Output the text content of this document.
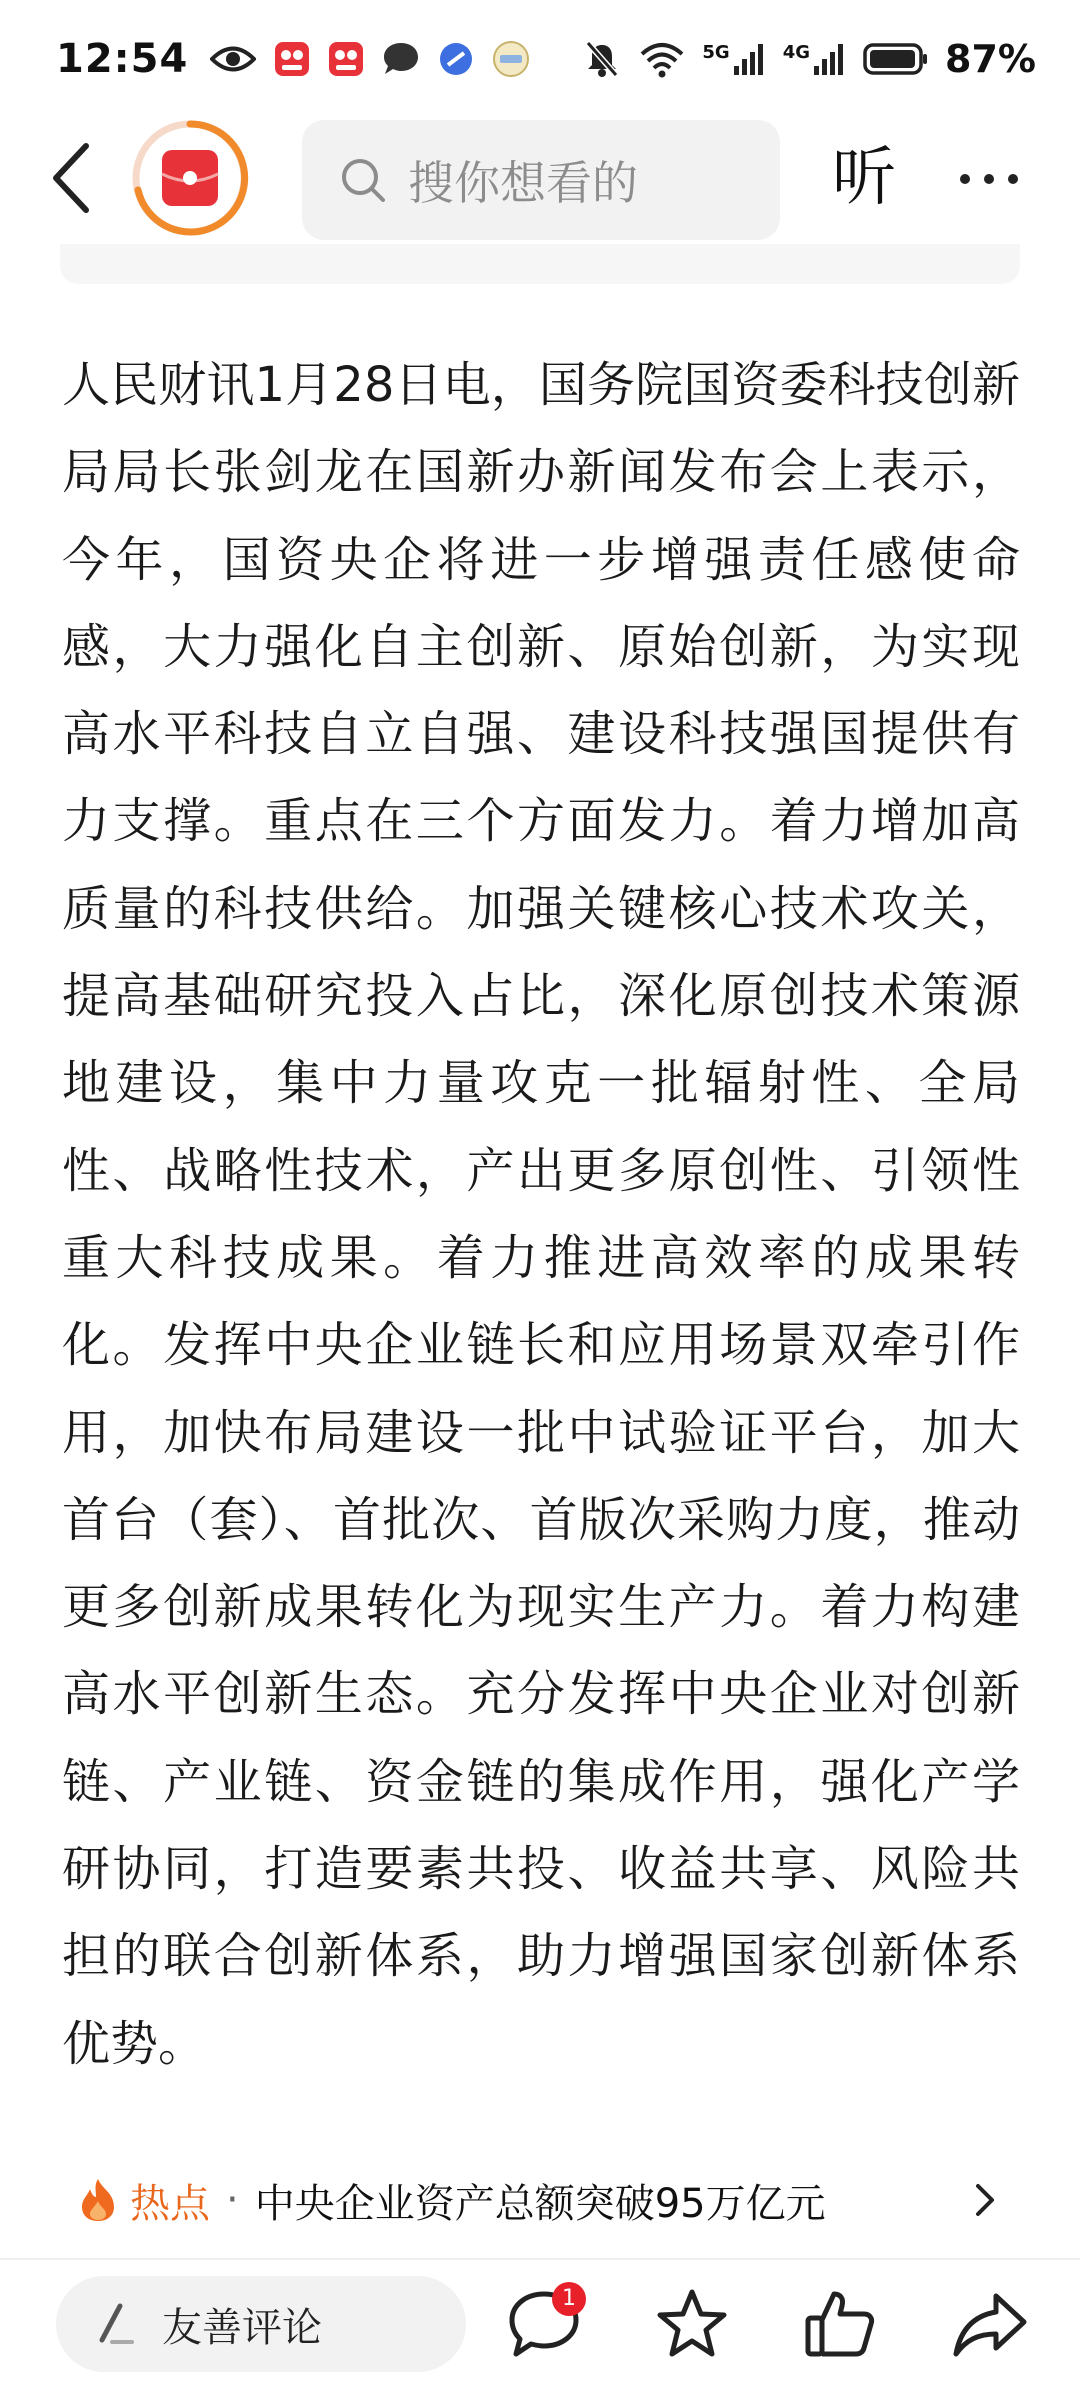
12:54	5G	4G	87%
搜你想看的	听
人民财讯1月28日电，国务院国资委科技创新局局长张剑龙在国新办新闻发布会上表示，今年，国资央企将进一步增强责任感使命感，大力强化自主创新、原始创新，为实现高水平科技自立自强、建设科技强国提供有力支撑。重点在三个方面发力。着力增加高质量的科技供给。加强关键核心技术攻关，提高基础研究投入占比，深化原创技术策源地建设，集中力量攻克一批辐射性、全局性、战略性技术，产出更多原创性、引领性重大科技成果。着力推进高效率的成果转化。发挥中央企业链长和应用场景双牵引作用，加快布局建设一批中试验证平台，加大首台（套）、首批次、首版次采购力度，推动更多创新成果转化为现实生产力。着力构建高水平创新生态。充分发挥中央企业对创新链、产业链、资金链的集成作用，强化产学研协同，打造要素共投、收益共享、风险共担的联合创新体系，助力增强国家创新体系优势。
热点 · 中央企业资产总额突破95万亿元
友善评论
1
